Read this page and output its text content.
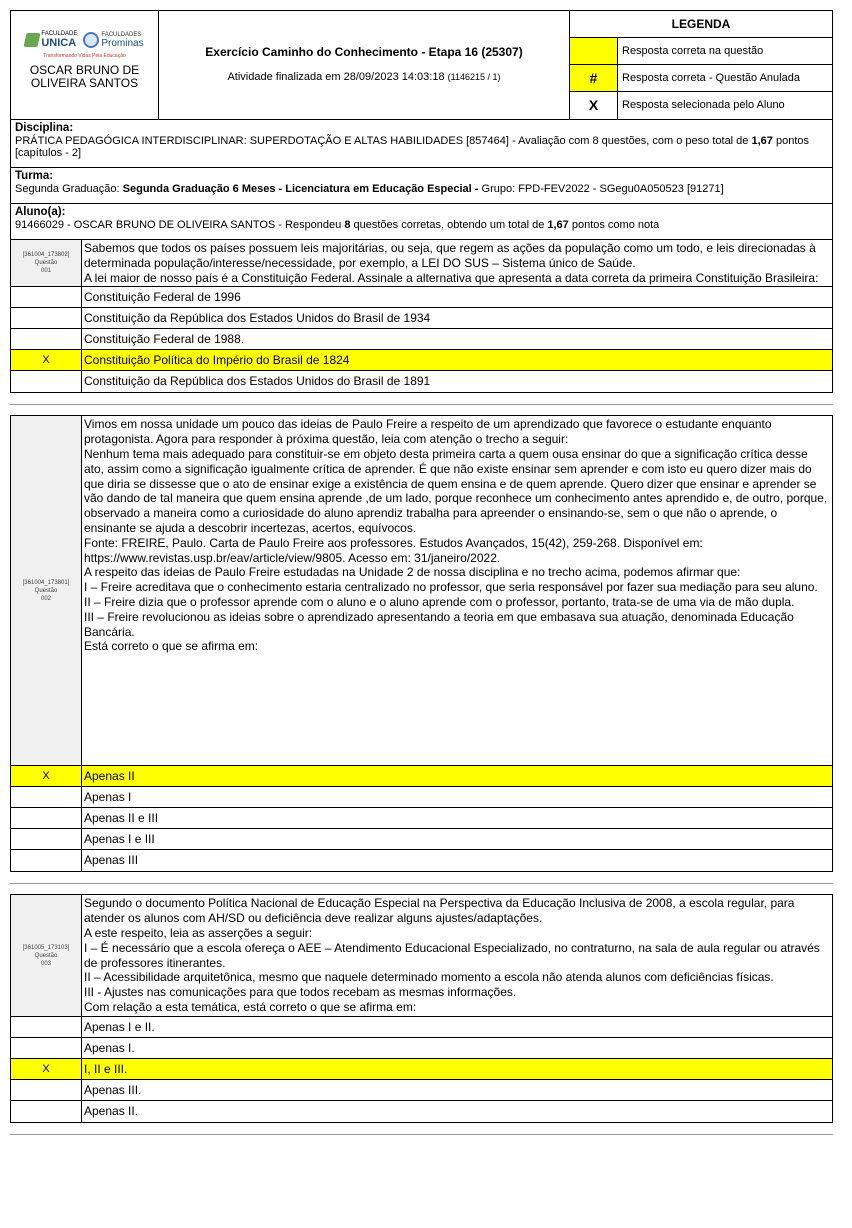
FACULDADE
UNICA
FACULDADES
Prominas
Transformando Vidas Pela Educação
OSCAR BRUNO DE OLIVEIRA SANTOS
Exercício Caminho do Conhecimento - Etapa 16 (25307)
Atividade finalizada em 28/09/2023 14:03:18 (1146215 / 1)
LEGENDA
Resposta correta na questão
#	Resposta correta - Questão Anulada
X	Resposta selecionada pelo Aluno
Disciplina:
PRÁTICA PEDAGÓGICA INTERDISCIPLINAR: SUPERDOTAÇÃO E ALTAS HABILIDADES [857464] - Avaliação com 8 questões, com o peso total de 1,67 pontos [capítulos - 2]
Turma:
Segunda Graduação: Segunda Graduação 6 Meses - Licenciatura em Educação Especial - Grupo: FPD-FEV2022 - SGegu0A050523 [91271]
Aluno(a):
91466029 - OSCAR BRUNO DE OLIVEIRA SANTOS - Respondeu 8 questões corretas, obtendo um total de 1,67 pontos como nota
[361004_173802]
Questão
001

Sabemos que todos os países possuem leis majoritárias, ou seja, que regem as ações da população como um todo, e leis direcionadas à determinada população/interesse/necessidade, por exemplo, a LEI DO SUS – Sistema único de Saúde.

A lei maior de nosso país é a Constituição Federal. Assinale a alternativa que apresenta a data correta da primeira Constituição Brasileira:

Constituição Federal de 1996
Constituição da República dos Estados Unidos do Brasil de 1934
Constituição Federal de 1988.
X	Constituição Política do Império do Brasil de 1824
Constituição da República dos Estados Unidos do Brasil de 1891
[361004_173801]
Questão
002

Vimos em nossa unidade um pouco das ideias de Paulo Freire a respeito de um aprendizado que favorece o estudante enquanto protagonista. Agora para responder à próxima questão, leia com atenção o trecho a seguir:

Nenhum tema mais adequado para constituir-se em objeto desta primeira carta a quem ousa ensinar do que a significação crítica desse ato, assim como a significação igualmente crítica de aprender. É que não existe ensinar sem aprender e com isto eu quero dizer mais do que diria se dissesse que o ato de ensinar exige a existência de quem ensina e de quem aprende. Quero dizer que ensinar e aprender se vão dando de tal maneira que quem ensina aprende ,de um lado, porque reconhece um conhecimento antes aprendido e, de outro, porque, observado a maneira como a curiosidade do aluno aprendiz trabalha para apreender o ensinando-se, sem o que não o aprende, o ensinante se ajuda a descobrir incertezas, acertos, equívocos.

Fonte: FREIRE, Paulo. Carta de Paulo Freire aos professores. Estudos Avançados, 15(42), 259-268. Disponível em: https://www.revistas.usp.br/eav/article/view/9805. Acesso em: 31/janeiro/2022.

A respeito das ideias de Paulo Freire estudadas na Unidade 2 de nossa disciplina e no trecho acima, podemos afirmar que:

I – Freire acreditava que o conhecimento estaria centralizado no professor, que seria responsável por fazer sua mediação para seu aluno.

II – Freire dizia que o professor aprende com o aluno e o aluno aprende com o professor, portanto, trata-se de uma via de mão dupla.

III – Freire revolucionou as ideias sobre o aprendizado apresentando a teoria em que embasava sua atuação, denominada Educação Bancária.

Está correto o que se afirma em:

X	Apenas II
Apenas I
Apenas II e III
Apenas I e III
Apenas III
[361005_173103]
Questão
003

Segundo o documento Política Nacional de Educação Especial na Perspectiva da Educação Inclusiva de 2008, a escola regular, para atender os alunos com AH/SD ou deficiência deve realizar alguns ajustes/adaptações.

A este respeito, leia as asserções a seguir:

I – É necessário que a escola ofereça o AEE – Atendimento Educacional Especializado, no contraturno, na sala de aula regular ou através de professores itinerantes.

II – Acessibilidade arquitetônica, mesmo que naquele determinado momento a escola não atenda alunos com deficiências físicas.

III - Ajustes nas comunicações para que todos recebam as mesmas informações.

Com relação a esta temática, está correto o que se afirma em:

Apenas I e II.
Apenas I.
X	I, II e III.
Apenas III.
Apenas II.
